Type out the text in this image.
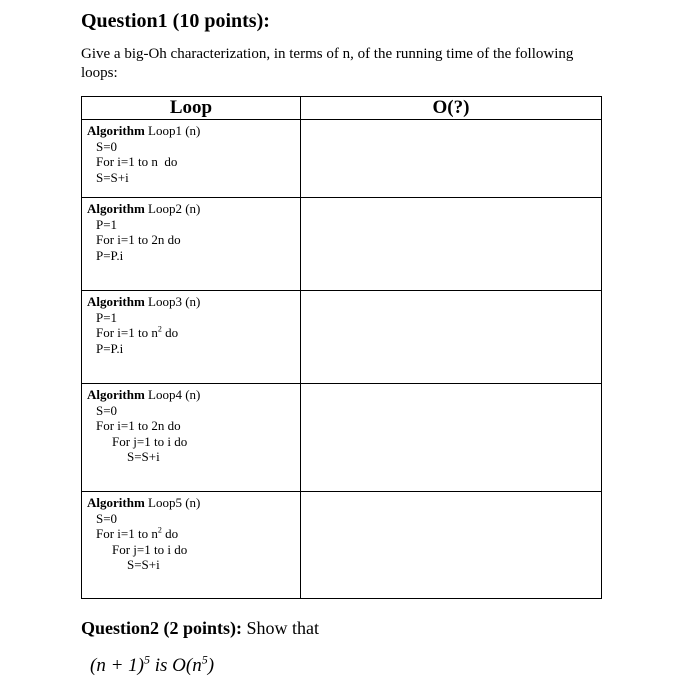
Question1 (10 points):
Give a big-Oh characterization, in terms of n, of the running time of the following loops:
Loop	O(?)

Algorithm Loop1 (n)
S=0
For i=1 to n  do
S=S+i	

Algorithm Loop2 (n)
P=1
For i=1 to 2n do
P=P.i	

Algorithm Loop3 (n)
P=1
For i=1 to $n^2$ do
P=P.i	

Algorithm Loop4 (n)
S=0
For i=1 to 2n do
For j=1 to i do
S=S+i	

Algorithm Loop5 (n)
S=0
For i=1 to $n^2$ do
For j=1 to i do
S=S+i	

Question2 (2 points): Show that
$(n + 1)^5$ is $O(n^5)$
